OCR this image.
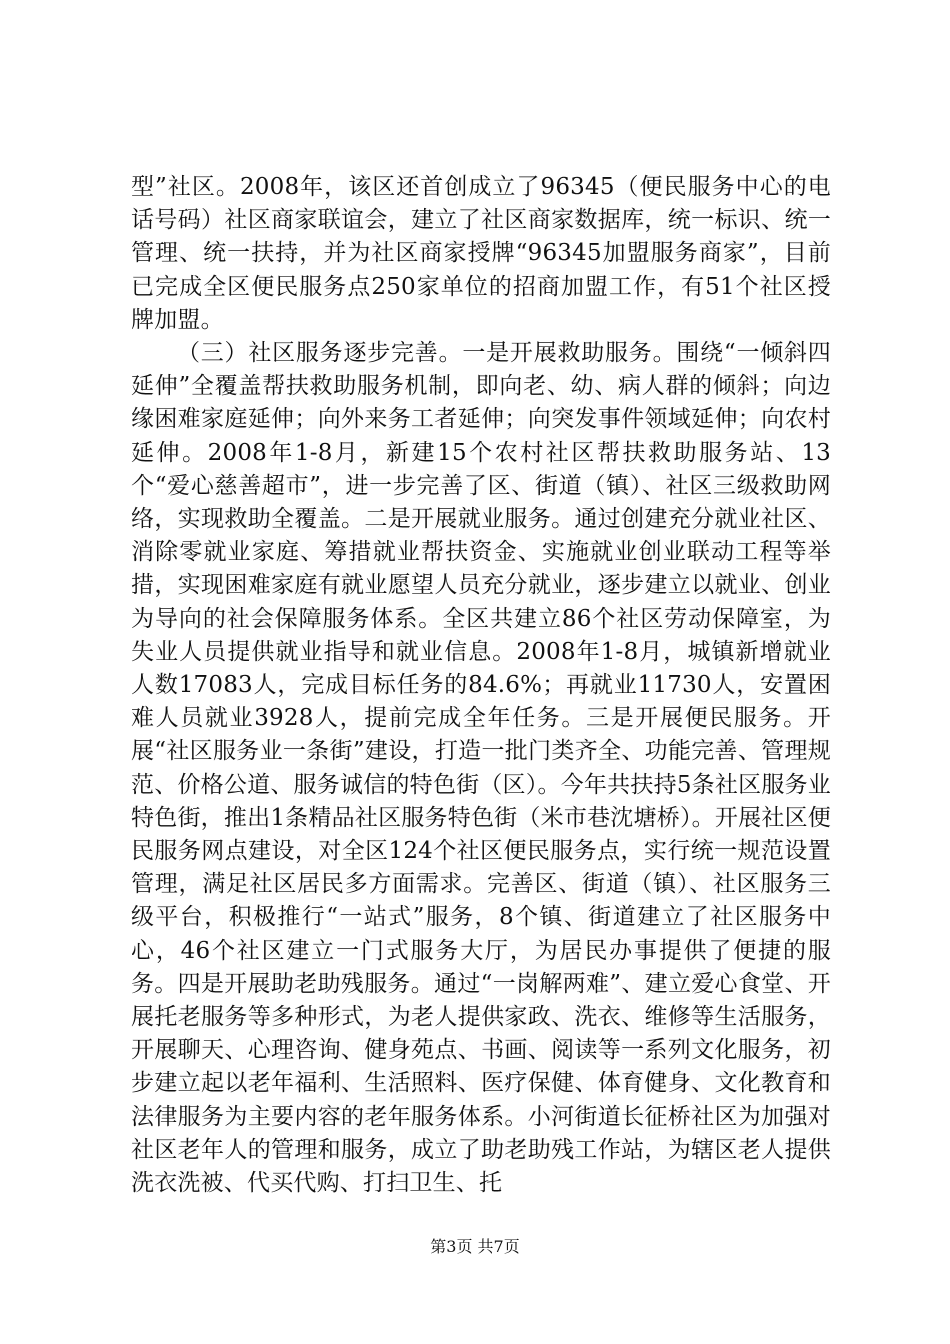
型”社区。2008年，该区还首创成立了96345（便民服务中心的电话号码）社区商家联谊会，建立了社区商家数据库，统一标识、统一管理、统一扶持，并为社区商家授牌“96345加盟服务商家”，目前已完成全区便民服务点250家单位的招商加盟工作，有51个社区授牌加盟。

（三）社区服务逐步完善。一是开展救助服务。围绕“一倾斜四延伸”全覆盖帮扶救助服务机制，即向老、幼、病人群的倾斜；向边缘困难家庭延伸；向外来务工者延伸；向突发事件领域延伸；向农村延伸。2008年1-8月，新建15个农村社区帮扶救助服务站、13个“爱心慈善超市”，进一步完善了区、街道（镇）、社区三级救助网络，实现救助全覆盖。二是开展就业服务。通过创建充分就业社区、消除零就业家庭、筹措就业帮扶资金、实施就业创业联动工程等举措，实现困难家庭有就业愿望人员充分就业，逐步建立以就业、创业为导向的社会保障服务体系。全区共建立86个社区劳动保障室，为失业人员提供就业指导和就业信息。2008年1-8月，城镇新增就业人数17083人，完成目标任务的84.6%；再就业11730人，安置困难人员就业3928人，提前完成全年任务。三是开展便民服务。开展“社区服务业一条街”建设，打造一批门类齐全、功能完善、管理规范、价格公道、服务诚信的特色街（区）。今年共扶持5条社区服务业特色街，推出1条精品社区服务特色街（米市巷沈塘桥）。开展社区便民服务网点建设，对全区124个社区便民服务点，实行统一规范设置管理，满足社区居民多方面需求。完善区、街道（镇）、社区服务三级平台，积极推行“一站式”服务，8个镇、街道建立了社区服务中心，46个社区建立一门式服务大厅，为居民办事提供了便捷的服务。四是开展助老助残服务。通过“一岗解两难”、建立爱心食堂、开展托老服务等多种形式，为老人提供家政、洗衣、维修等生活服务，开展聊天、心理咨询、健身苑点、书画、阅读等一系列文化服务，初步建立起以老年福利、生活照料、医疗保健、体育健身、文化教育和法律服务为主要内容的老年服务体系。小河街道长征桥社区为加强对社区老年人的管理和服务，成立了助老助残工作站，为辖区老人提供洗衣洗被、代买代购、打扫卫生、托

第3页 共7页
